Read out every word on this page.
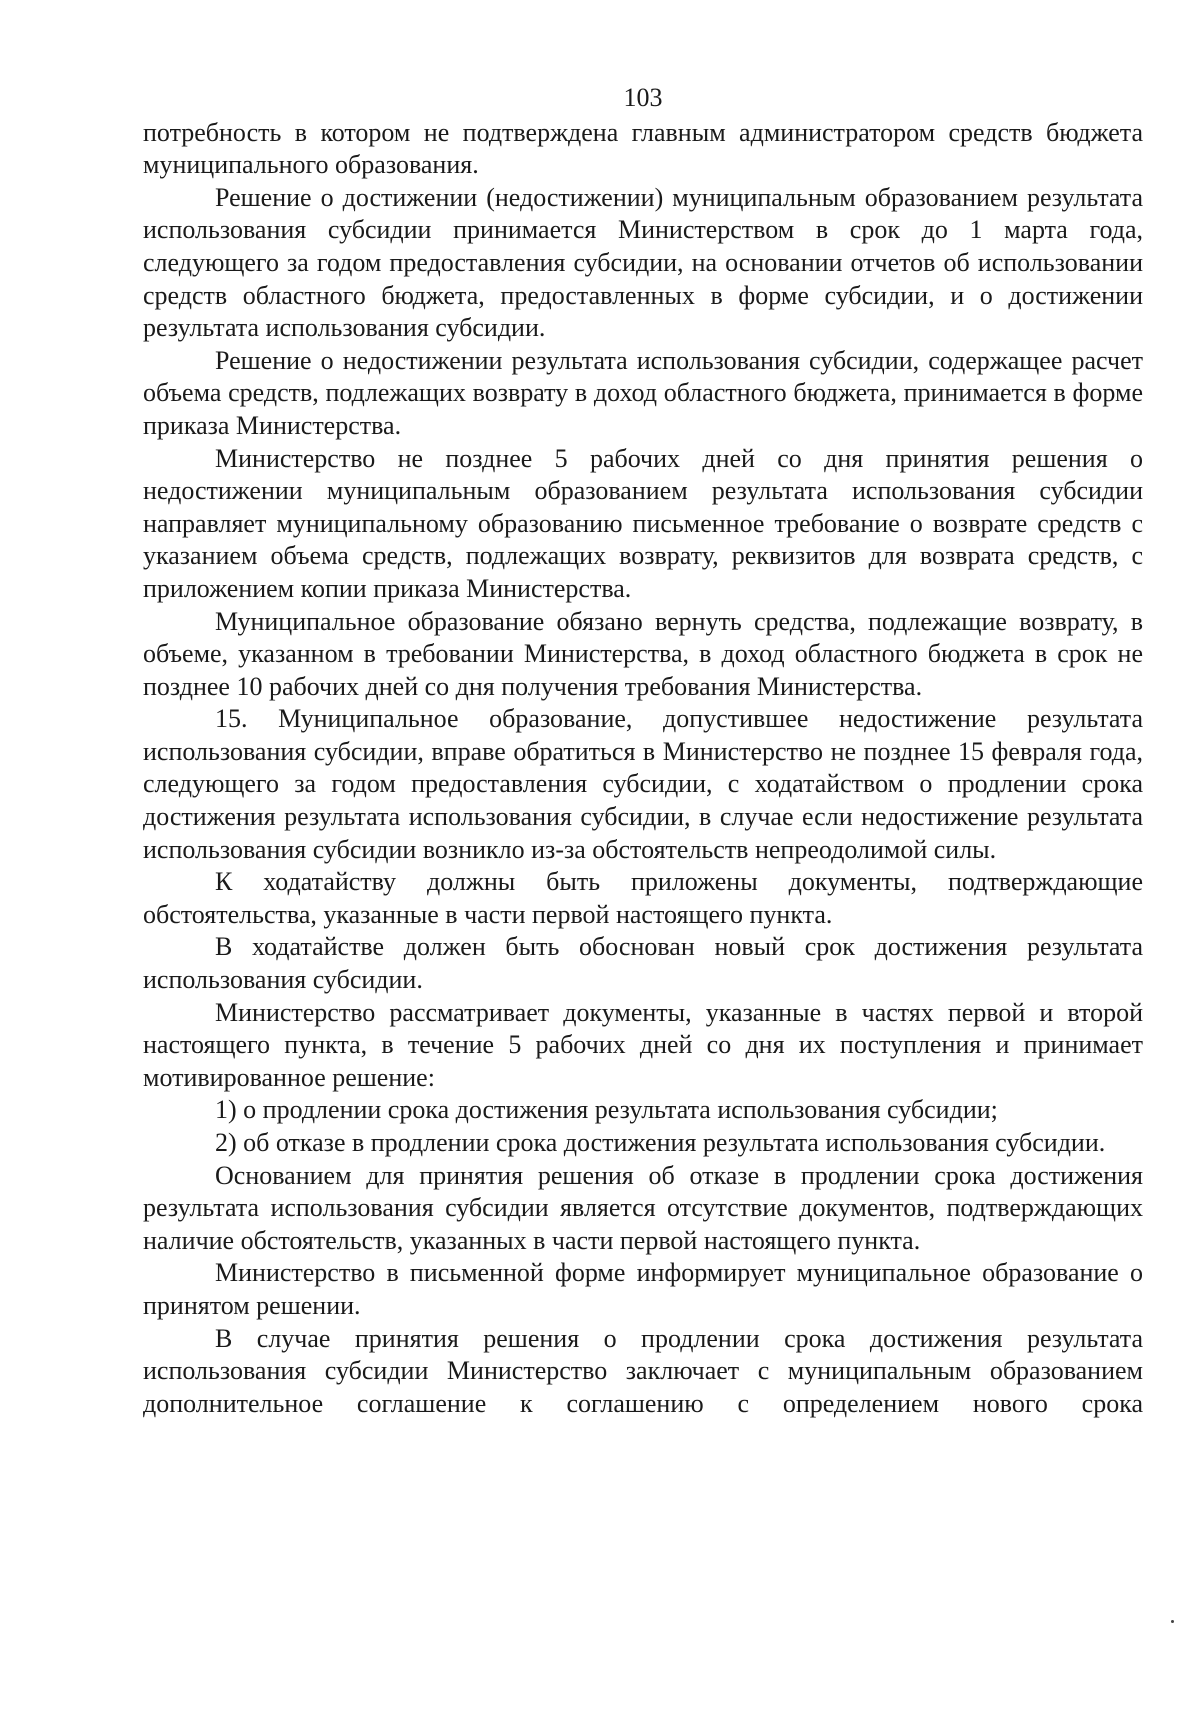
103

потребность в котором не подтверждена главным администратором средств бюджета муниципального образования.

Решение о достижении (недостижении) муниципальным образованием результата использования субсидии принимается Министерством в срок до 1 марта года, следующего за годом предоставления субсидии, на основании отчетов об использовании средств областного бюджета, предоставленных в форме субсидии, и о достижении результата использования субсидии.

Решение о недостижении результата использования субсидии, содержащее расчет объема средств, подлежащих возврату в доход областного бюджета, принимается в форме приказа Министерства.

Министерство не позднее 5 рабочих дней со дня принятия решения о недостижении муниципальным образованием результата использования субсидии направляет муниципальному образованию письменное требование о возврате средств с указанием объема средств, подлежащих возврату, реквизитов для возврата средств, с приложением копии приказа Министерства.

Муниципальное образование обязано вернуть средства, подлежащие возврату, в объеме, указанном в требовании Министерства, в доход областного бюджета в срок не позднее 10 рабочих дней со дня получения требования Министерства.

15. Муниципальное образование, допустившее недостижение результата использования субсидии, вправе обратиться в Министерство не позднее 15 февраля года, следующего за годом предоставления субсидии, с ходатайством о продлении срока достижения результата использования субсидии, в случае если недостижение результата использования субсидии возникло из-за обстоятельств непреодолимой силы.

К ходатайству должны быть приложены документы, подтверждающие обстоятельства, указанные в части первой настоящего пункта.

В ходатайстве должен быть обоснован новый срок достижения результата использования субсидии.

Министерство рассматривает документы, указанные в частях первой и второй настоящего пункта, в течение 5 рабочих дней со дня их поступления и принимает мотивированное решение:

1) о продлении срока достижения результата использования субсидии;

2) об отказе в продлении срока достижения результата использования субсидии.

Основанием для принятия решения об отказе в продлении срока достижения результата использования субсидии является отсутствие документов, подтверждающих наличие обстоятельств, указанных в части первой настоящего пункта.

Министерство в письменной форме информирует муниципальное образование о принятом решении.

В случае принятия решения о продлении срока достижения результата использования субсидии Министерство заключает с муниципальным образованием дополнительное соглашение к соглашению с определением нового срока
